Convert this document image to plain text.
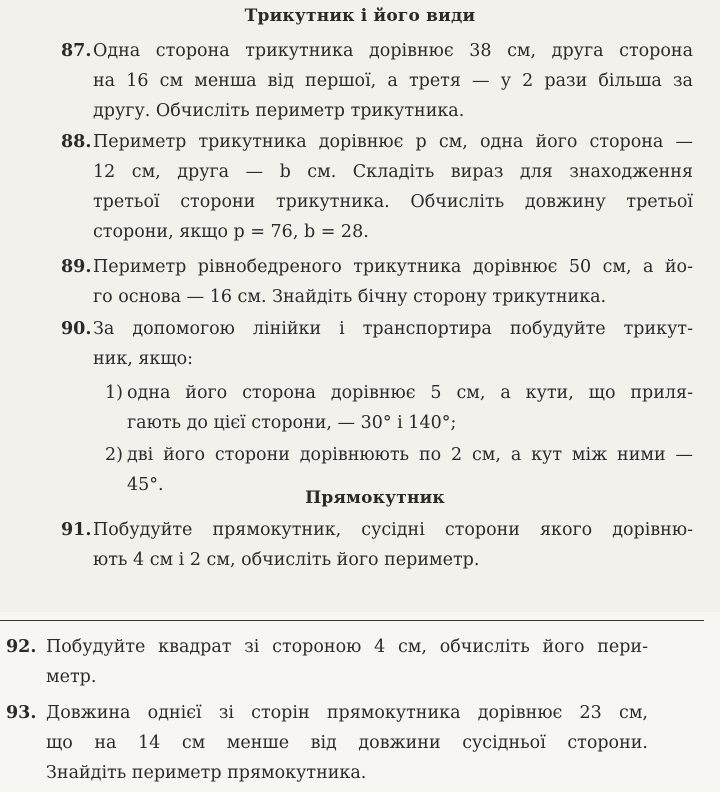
Трикутник і його види
87. Одна сторона трикутника дорівнює 38 см, друга сторона
на 16 см менша від першої, а третя — у 2 рази більша за
другу. Обчисліть периметр трикутника.
88. Периметр трикутника дорівнює p см, одна його сторона —
12 см, друга — b см. Складіть вираз для знаходження
третьої сторони трикутника. Обчисліть довжину третьої
сторони, якщо p = 76, b = 28.
89. Периметр рівнобедреного трикутника дорівнює 50 см, а йо-
го основа — 16 см. Знайдіть бічну сторону трикутника.
90. За допомогою лінійки і транспортира побудуйте трикут-
ник, якщо:
1) одна його сторона дорівнює 5 см, а кути, що приля-
гають до цієї сторони, — 30° і 140°;
2) дві його сторони дорівнюють по 2 см, а кут між ними —
45°.
Прямокутник
91. Побудуйте прямокутник, сусідні сторони якого дорівню-
ють 4 см і 2 см, обчисліть його периметр.
92. Побудуйте квадрат зі стороною 4 см, обчисліть його пери-
метр.
93. Довжина однієї зі сторін прямокутника дорівнює 23 см,
що на 14 см менше від довжини сусідньої сторони.
Знайдіть периметр прямокутника.
